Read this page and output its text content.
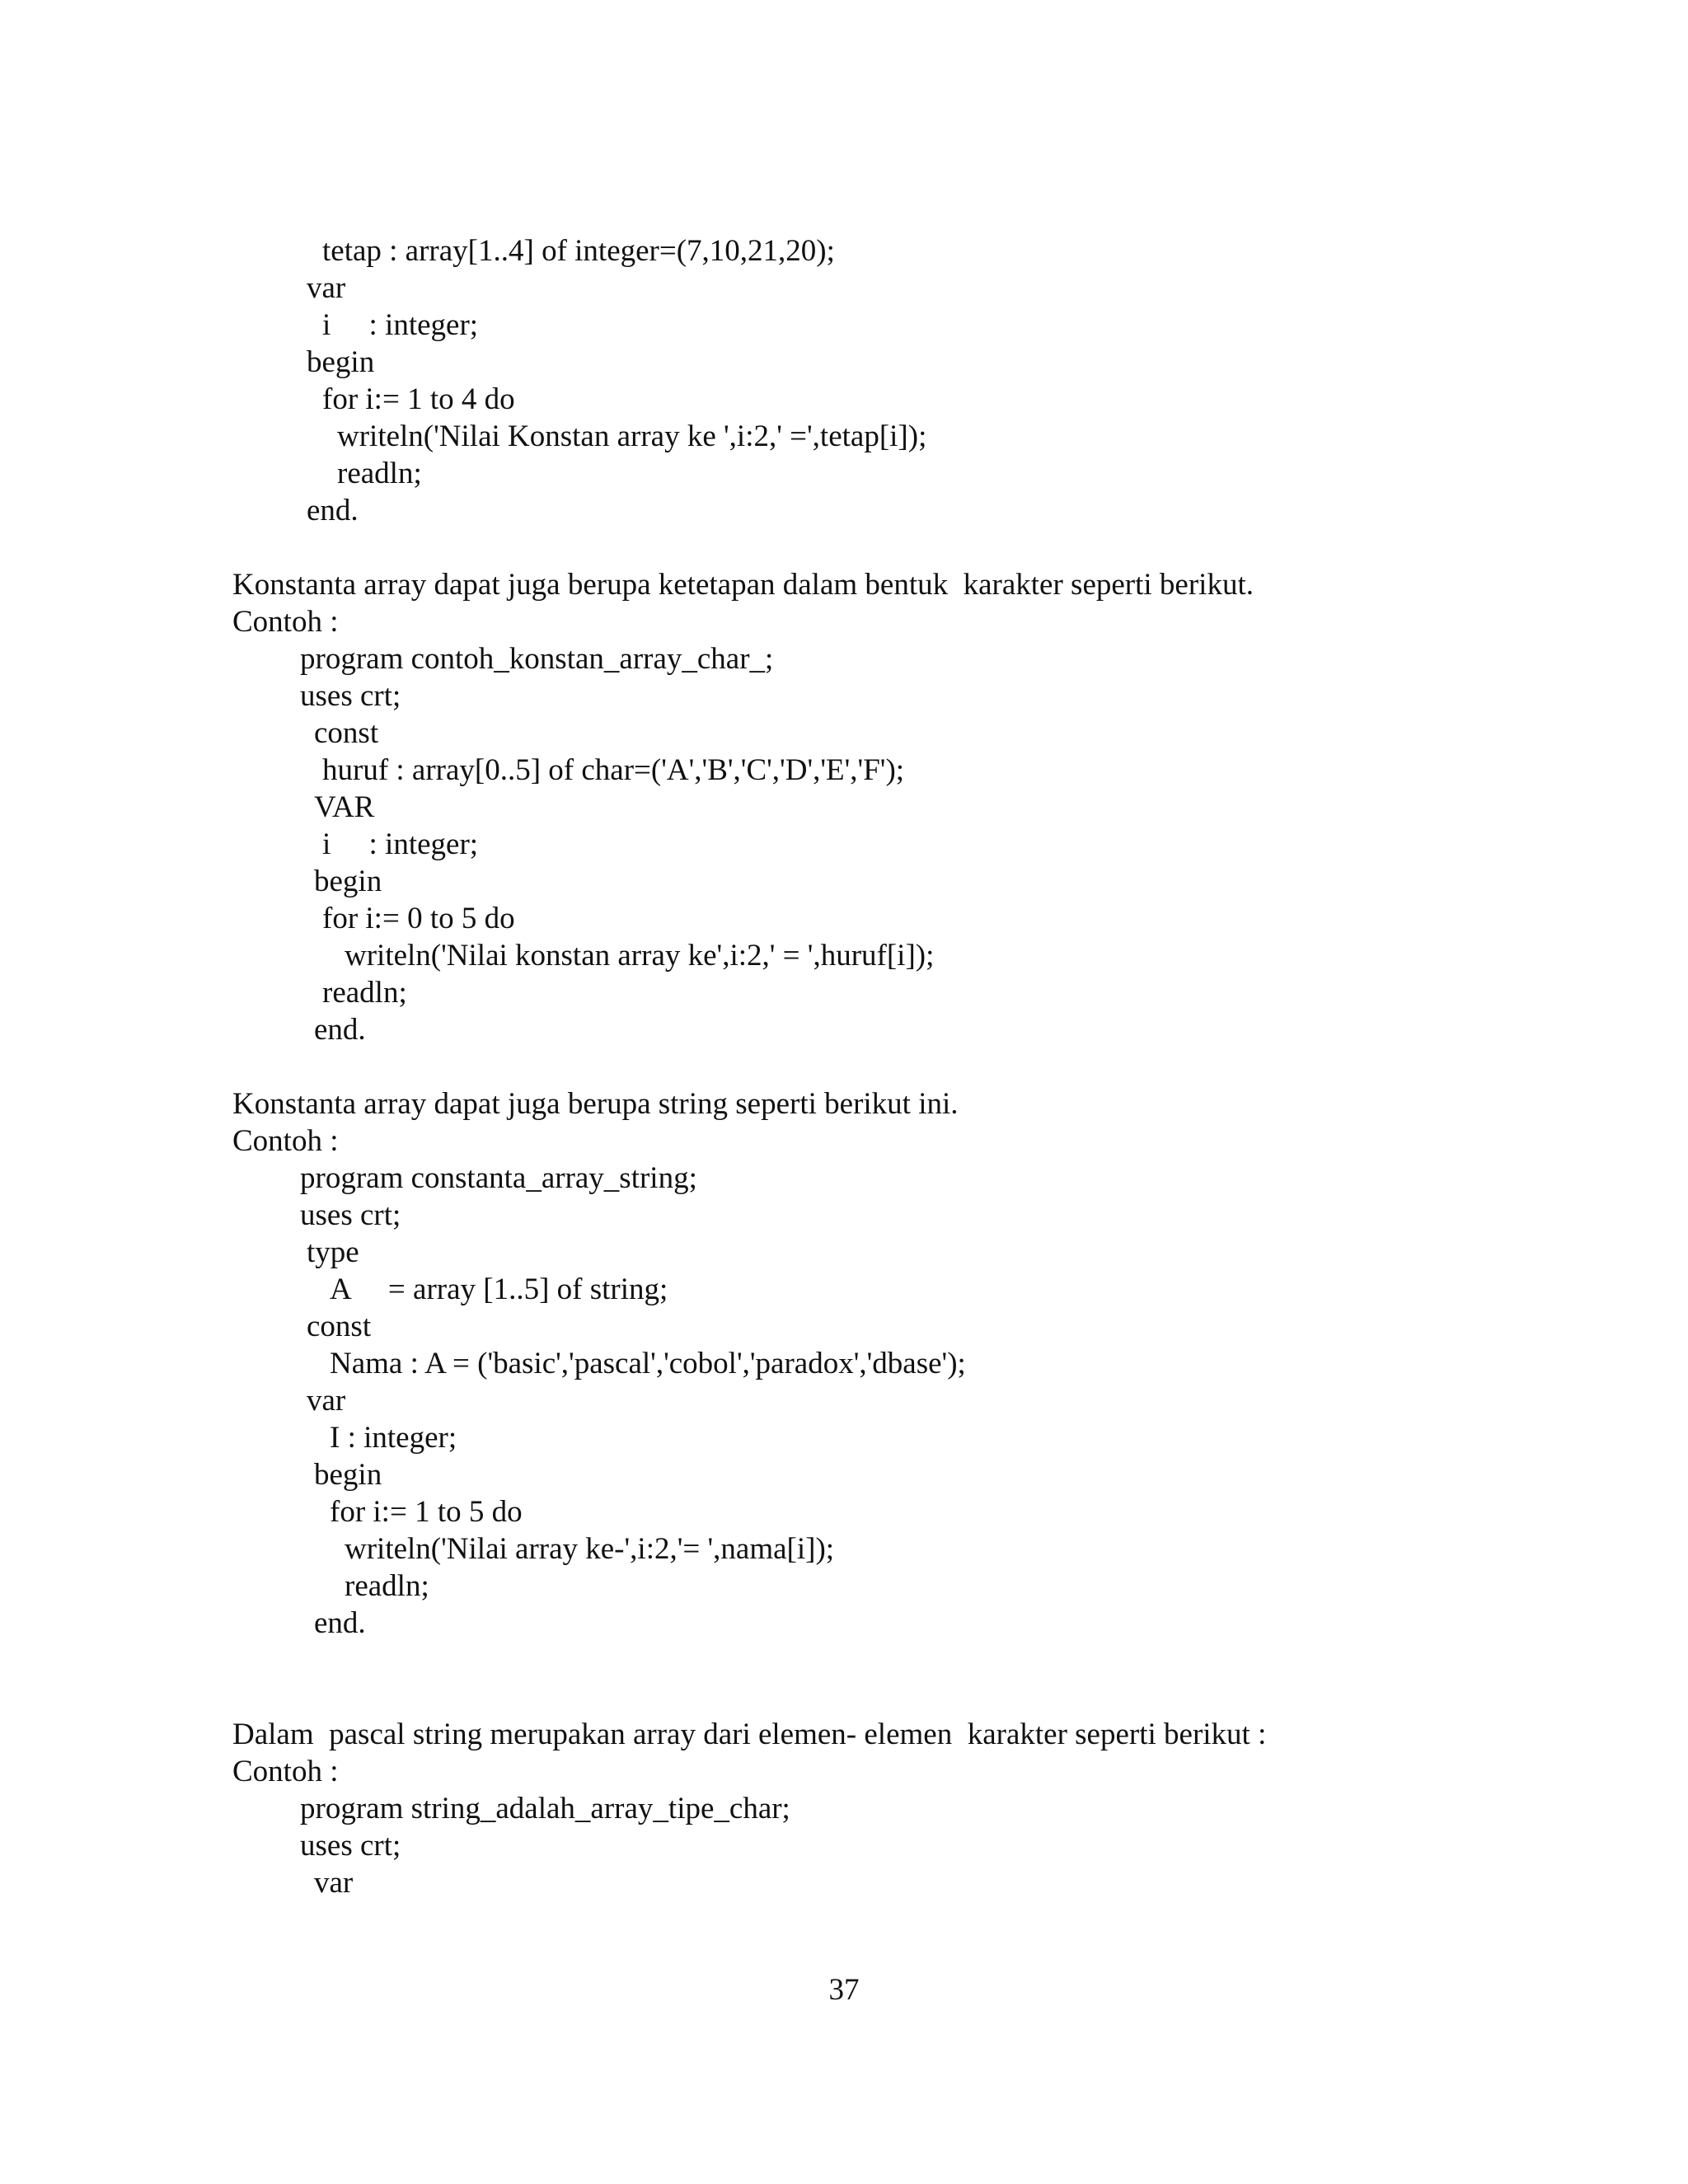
tetap : array[1..4] of integer=(7,10,21,20);
var
i     : integer;
begin
for i:= 1 to 4 do
writeln('Nilai Konstan array ke ',i:2,' =',tetap[i]);
readln;
end.
Konstanta array dapat juga berupa ketetapan dalam bentuk  karakter seperti berikut.
Contoh :
program contoh_konstan_array_char_;
uses crt;
const
huruf : array[0..5] of char=('A','B','C','D','E','F');
VAR
i     : integer;
begin
for i:= 0 to 5 do
writeln('Nilai konstan array ke',i:2,' = ',huruf[i]);
readln;
end.
Konstanta array dapat juga berupa string seperti berikut ini.
Contoh :
program constanta_array_string;
uses crt;
type
A     = array [1..5] of string;
const
Nama : A = ('basic','pascal','cobol','paradox','dbase');
var
I : integer;
begin
for i:= 1 to 5 do
writeln('Nilai array ke-',i:2,'= ',nama[i]);
readln;
end.
Dalam  pascal string merupakan array dari elemen- elemen  karakter seperti berikut :
Contoh :
program string_adalah_array_tipe_char;
uses crt;
var
37
